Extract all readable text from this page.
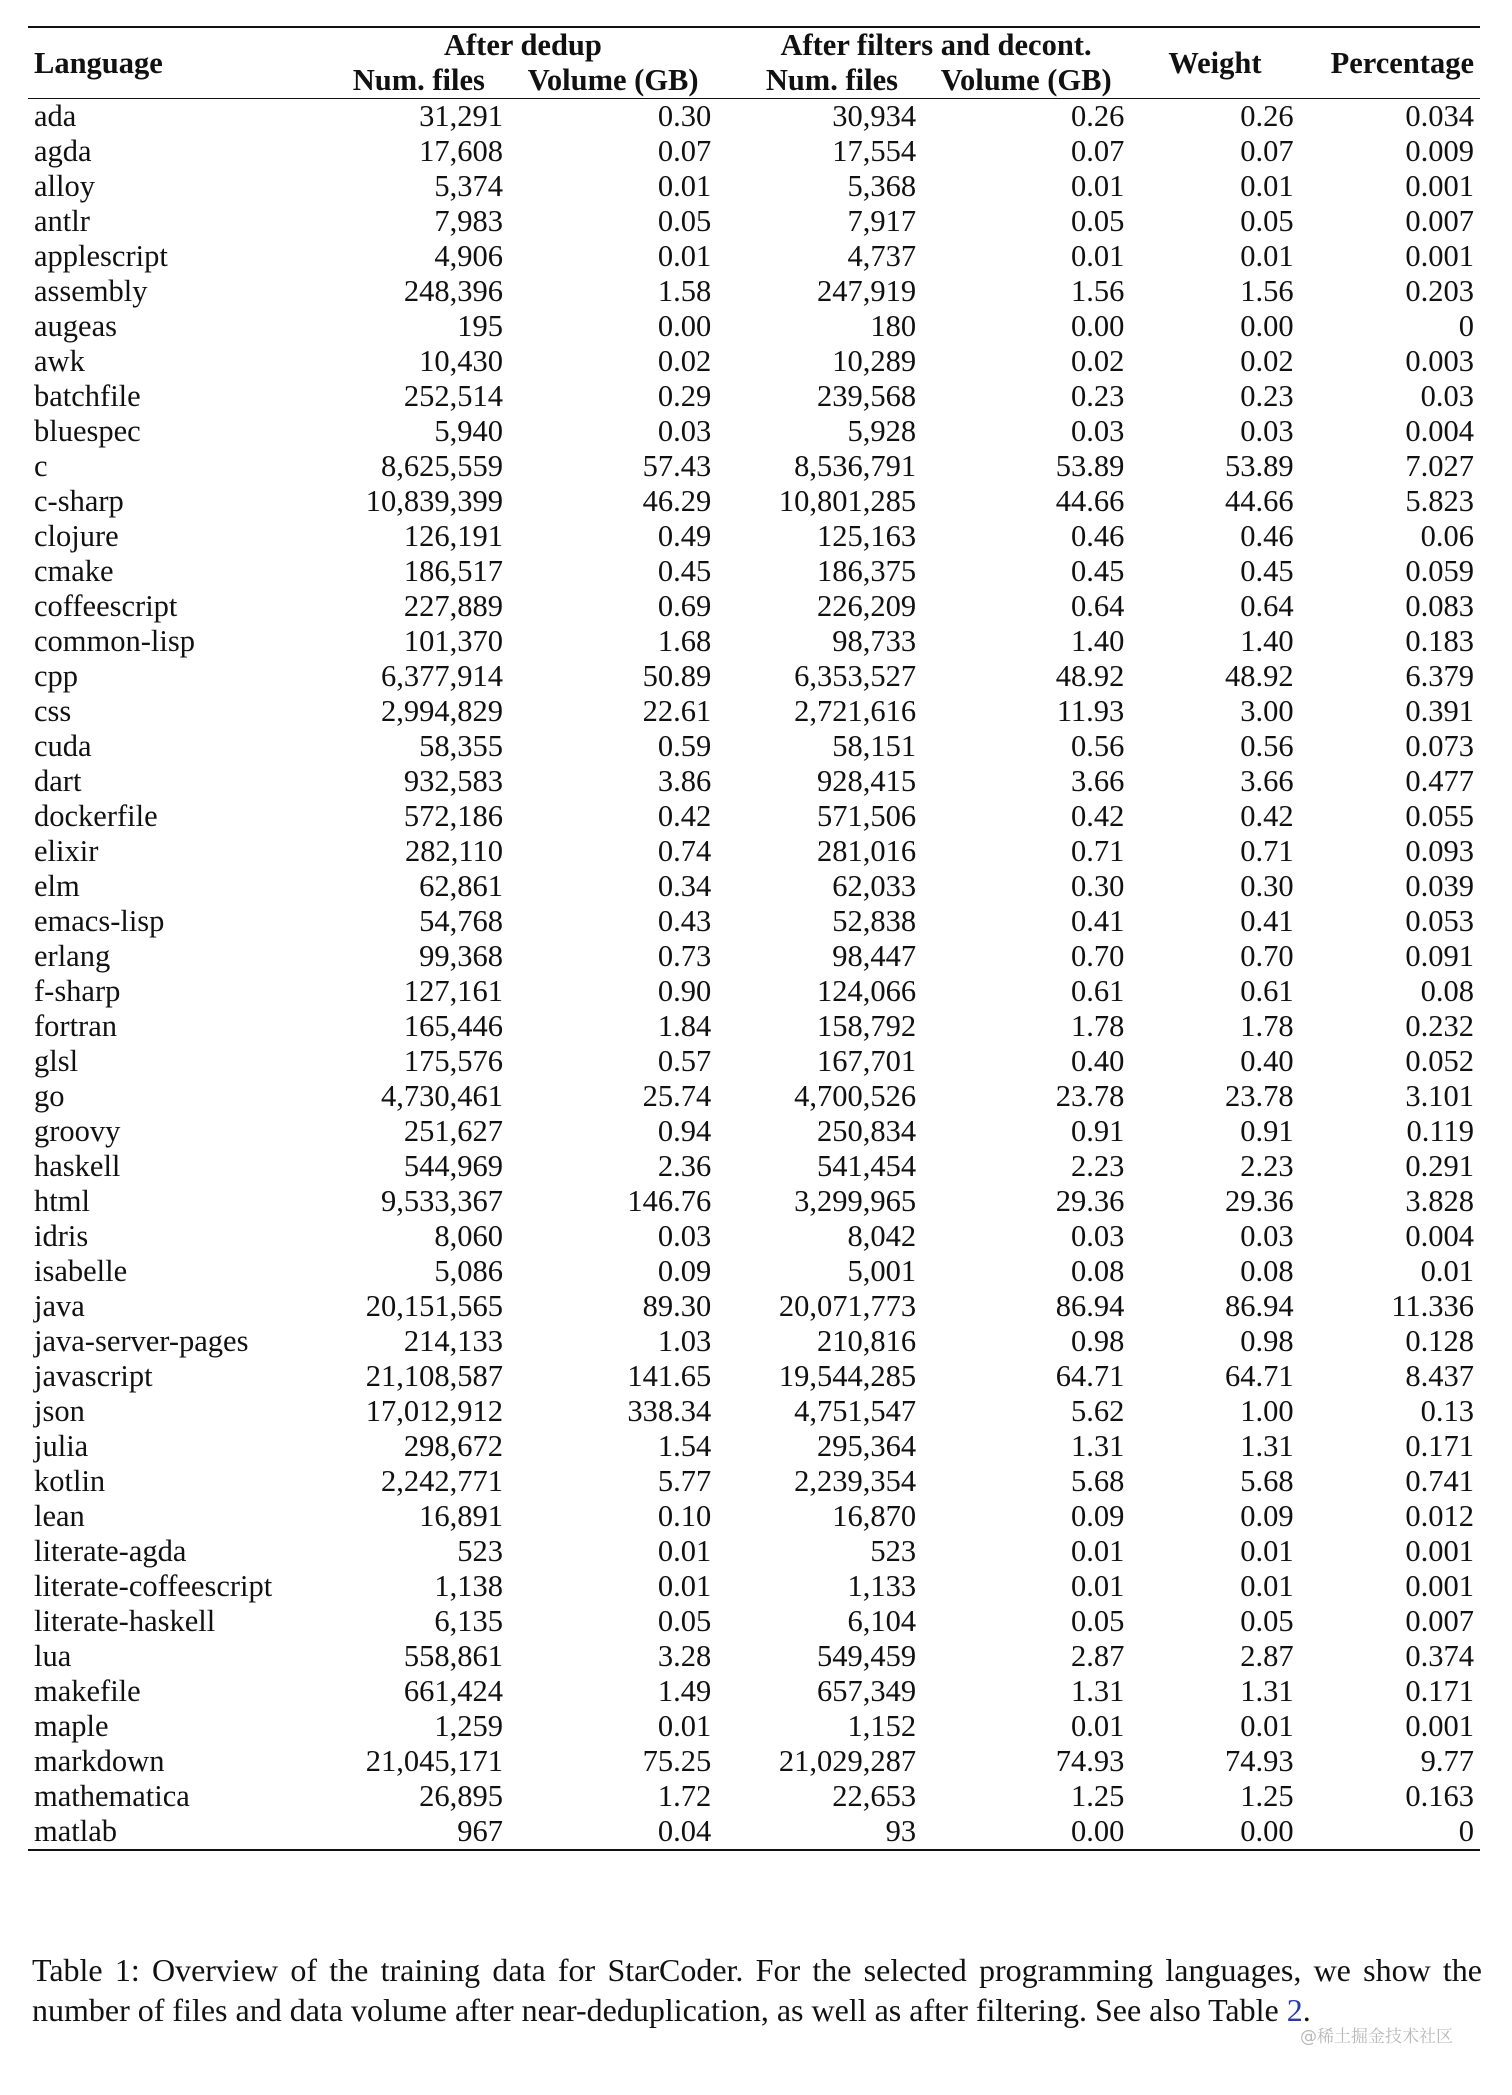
Language	After dedup			After filters and decont.		Weight	Percentage
	Num. files	Volume (GB)		Num. files	Volume (GB)		
ada	31,291	0.30		30,934	0.26	0.26	0.034
agda	17,608	0.07		17,554	0.07	0.07	0.009
alloy	5,374	0.01		5,368	0.01	0.01	0.001
antlr	7,983	0.05		7,917	0.05	0.05	0.007
applescript	4,906	0.01		4,737	0.01	0.01	0.001
assembly	248,396	1.58		247,919	1.56	1.56	0.203
augeas	195	0.00		180	0.00	0.00	0
awk	10,430	0.02		10,289	0.02	0.02	0.003
batchfile	252,514	0.29		239,568	0.23	0.23	0.03
bluespec	5,940	0.03		5,928	0.03	0.03	0.004
c	8,625,559	57.43		8,536,791	53.89	53.89	7.027
c-sharp	10,839,399	46.29		10,801,285	44.66	44.66	5.823
clojure	126,191	0.49		125,163	0.46	0.46	0.06
cmake	186,517	0.45		186,375	0.45	0.45	0.059
coffeescript	227,889	0.69		226,209	0.64	0.64	0.083
common-lisp	101,370	1.68		98,733	1.40	1.40	0.183
cpp	6,377,914	50.89		6,353,527	48.92	48.92	6.379
css	2,994,829	22.61		2,721,616	11.93	3.00	0.391
cuda	58,355	0.59		58,151	0.56	0.56	0.073
dart	932,583	3.86		928,415	3.66	3.66	0.477
dockerfile	572,186	0.42		571,506	0.42	0.42	0.055
elixir	282,110	0.74		281,016	0.71	0.71	0.093
elm	62,861	0.34		62,033	0.30	0.30	0.039
emacs-lisp	54,768	0.43		52,838	0.41	0.41	0.053
erlang	99,368	0.73		98,447	0.70	0.70	0.091
f-sharp	127,161	0.90		124,066	0.61	0.61	0.08
fortran	165,446	1.84		158,792	1.78	1.78	0.232
glsl	175,576	0.57		167,701	0.40	0.40	0.052
go	4,730,461	25.74		4,700,526	23.78	23.78	3.101
groovy	251,627	0.94		250,834	0.91	0.91	0.119
haskell	544,969	2.36		541,454	2.23	2.23	0.291
html	9,533,367	146.76		3,299,965	29.36	29.36	3.828
idris	8,060	0.03		8,042	0.03	0.03	0.004
isabelle	5,086	0.09		5,001	0.08	0.08	0.01
java	20,151,565	89.30		20,071,773	86.94	86.94	11.336
java-server-pages	214,133	1.03		210,816	0.98	0.98	0.128
javascript	21,108,587	141.65		19,544,285	64.71	64.71	8.437
json	17,012,912	338.34		4,751,547	5.62	1.00	0.13
julia	298,672	1.54		295,364	1.31	1.31	0.171
kotlin	2,242,771	5.77		2,239,354	5.68	5.68	0.741
lean	16,891	0.10		16,870	0.09	0.09	0.012
literate-agda	523	0.01		523	0.01	0.01	0.001
literate-coffeescript	1,138	0.01		1,133	0.01	0.01	0.001
literate-haskell	6,135	0.05		6,104	0.05	0.05	0.007
lua	558,861	3.28		549,459	2.87	2.87	0.374
makefile	661,424	1.49		657,349	1.31	1.31	0.171
maple	1,259	0.01		1,152	0.01	0.01	0.001
markdown	21,045,171	75.25		21,029,287	74.93	74.93	9.77
mathematica	26,895	1.72		22,653	1.25	1.25	0.163
matlab	967	0.04		93	0.00	0.00	0
Table 1: Overview of the training data for StarCoder. For the selected programming languages, we show the number of files and data volume after near-deduplication, as well as after filtering. See also Table 2.
@稀土掘金技术社区
